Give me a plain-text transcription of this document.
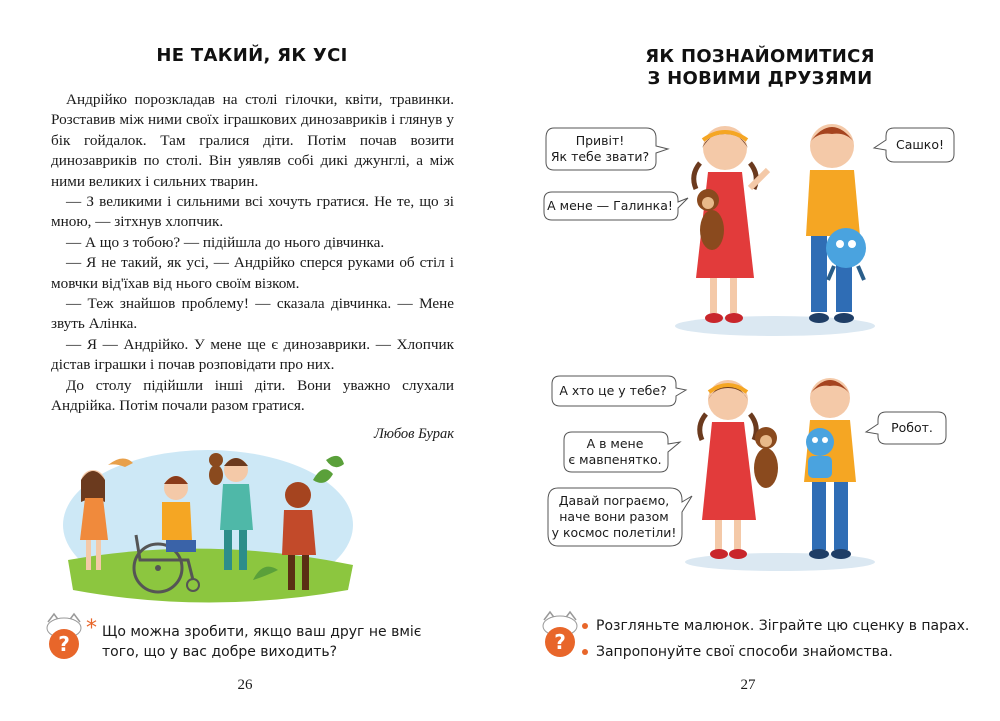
НЕ ТАКИЙ, ЯК УСІ

Андрійко порозкладав на столі гілочки, квіти, травинки. Розставив між ними своїх іграшкових динозавриків і глянув у бік гойдалок. Там гралися діти. Потім почав возити динозавриків по столі. Він уявляв собі дикі джунглі, а між ними великих і сильних тварин.

— З великими і сильними всі хочуть гратися. Не те, що зі мною, — зітхнув хлопчик.

— А що з тобою? — підійшла до нього дівчинка.

— Я не такий, як усі, — Андрійко сперся руками об стіл і мовчки від'їхав від нього своїм візком.

— Теж знайшов проблему! — сказала дівчинка. — Мене звуть Алінка.

— Я — Андрійко. У мене ще є динозаврики. — Хлопчик дістав іграшки і почав розповідати про них.

До столу підійшли інші діти. Вони уважно слухали Андрійка. Потім почали разом гратися.

Любов Бурак
?
* Що можна зробити, якщо ваш друг не вміє того, що у вас добре виходить?
26
ЯК ПОЗНАЙОМИТИСЯ
З НОВИМИ ДРУЗЯМИ
Привіт!
Як тебе звати?
А мене — Галинка!
Сашко!
А хто це у тебе?
А в мене
є мавпенятко.
Давай пограємо,
наче вони разом
у космос полетіли!
Робот.
?
Розгляньте малюнок. Зіграйте цю сценку в парах.
Запропонуйте свої способи знайомства.
27
